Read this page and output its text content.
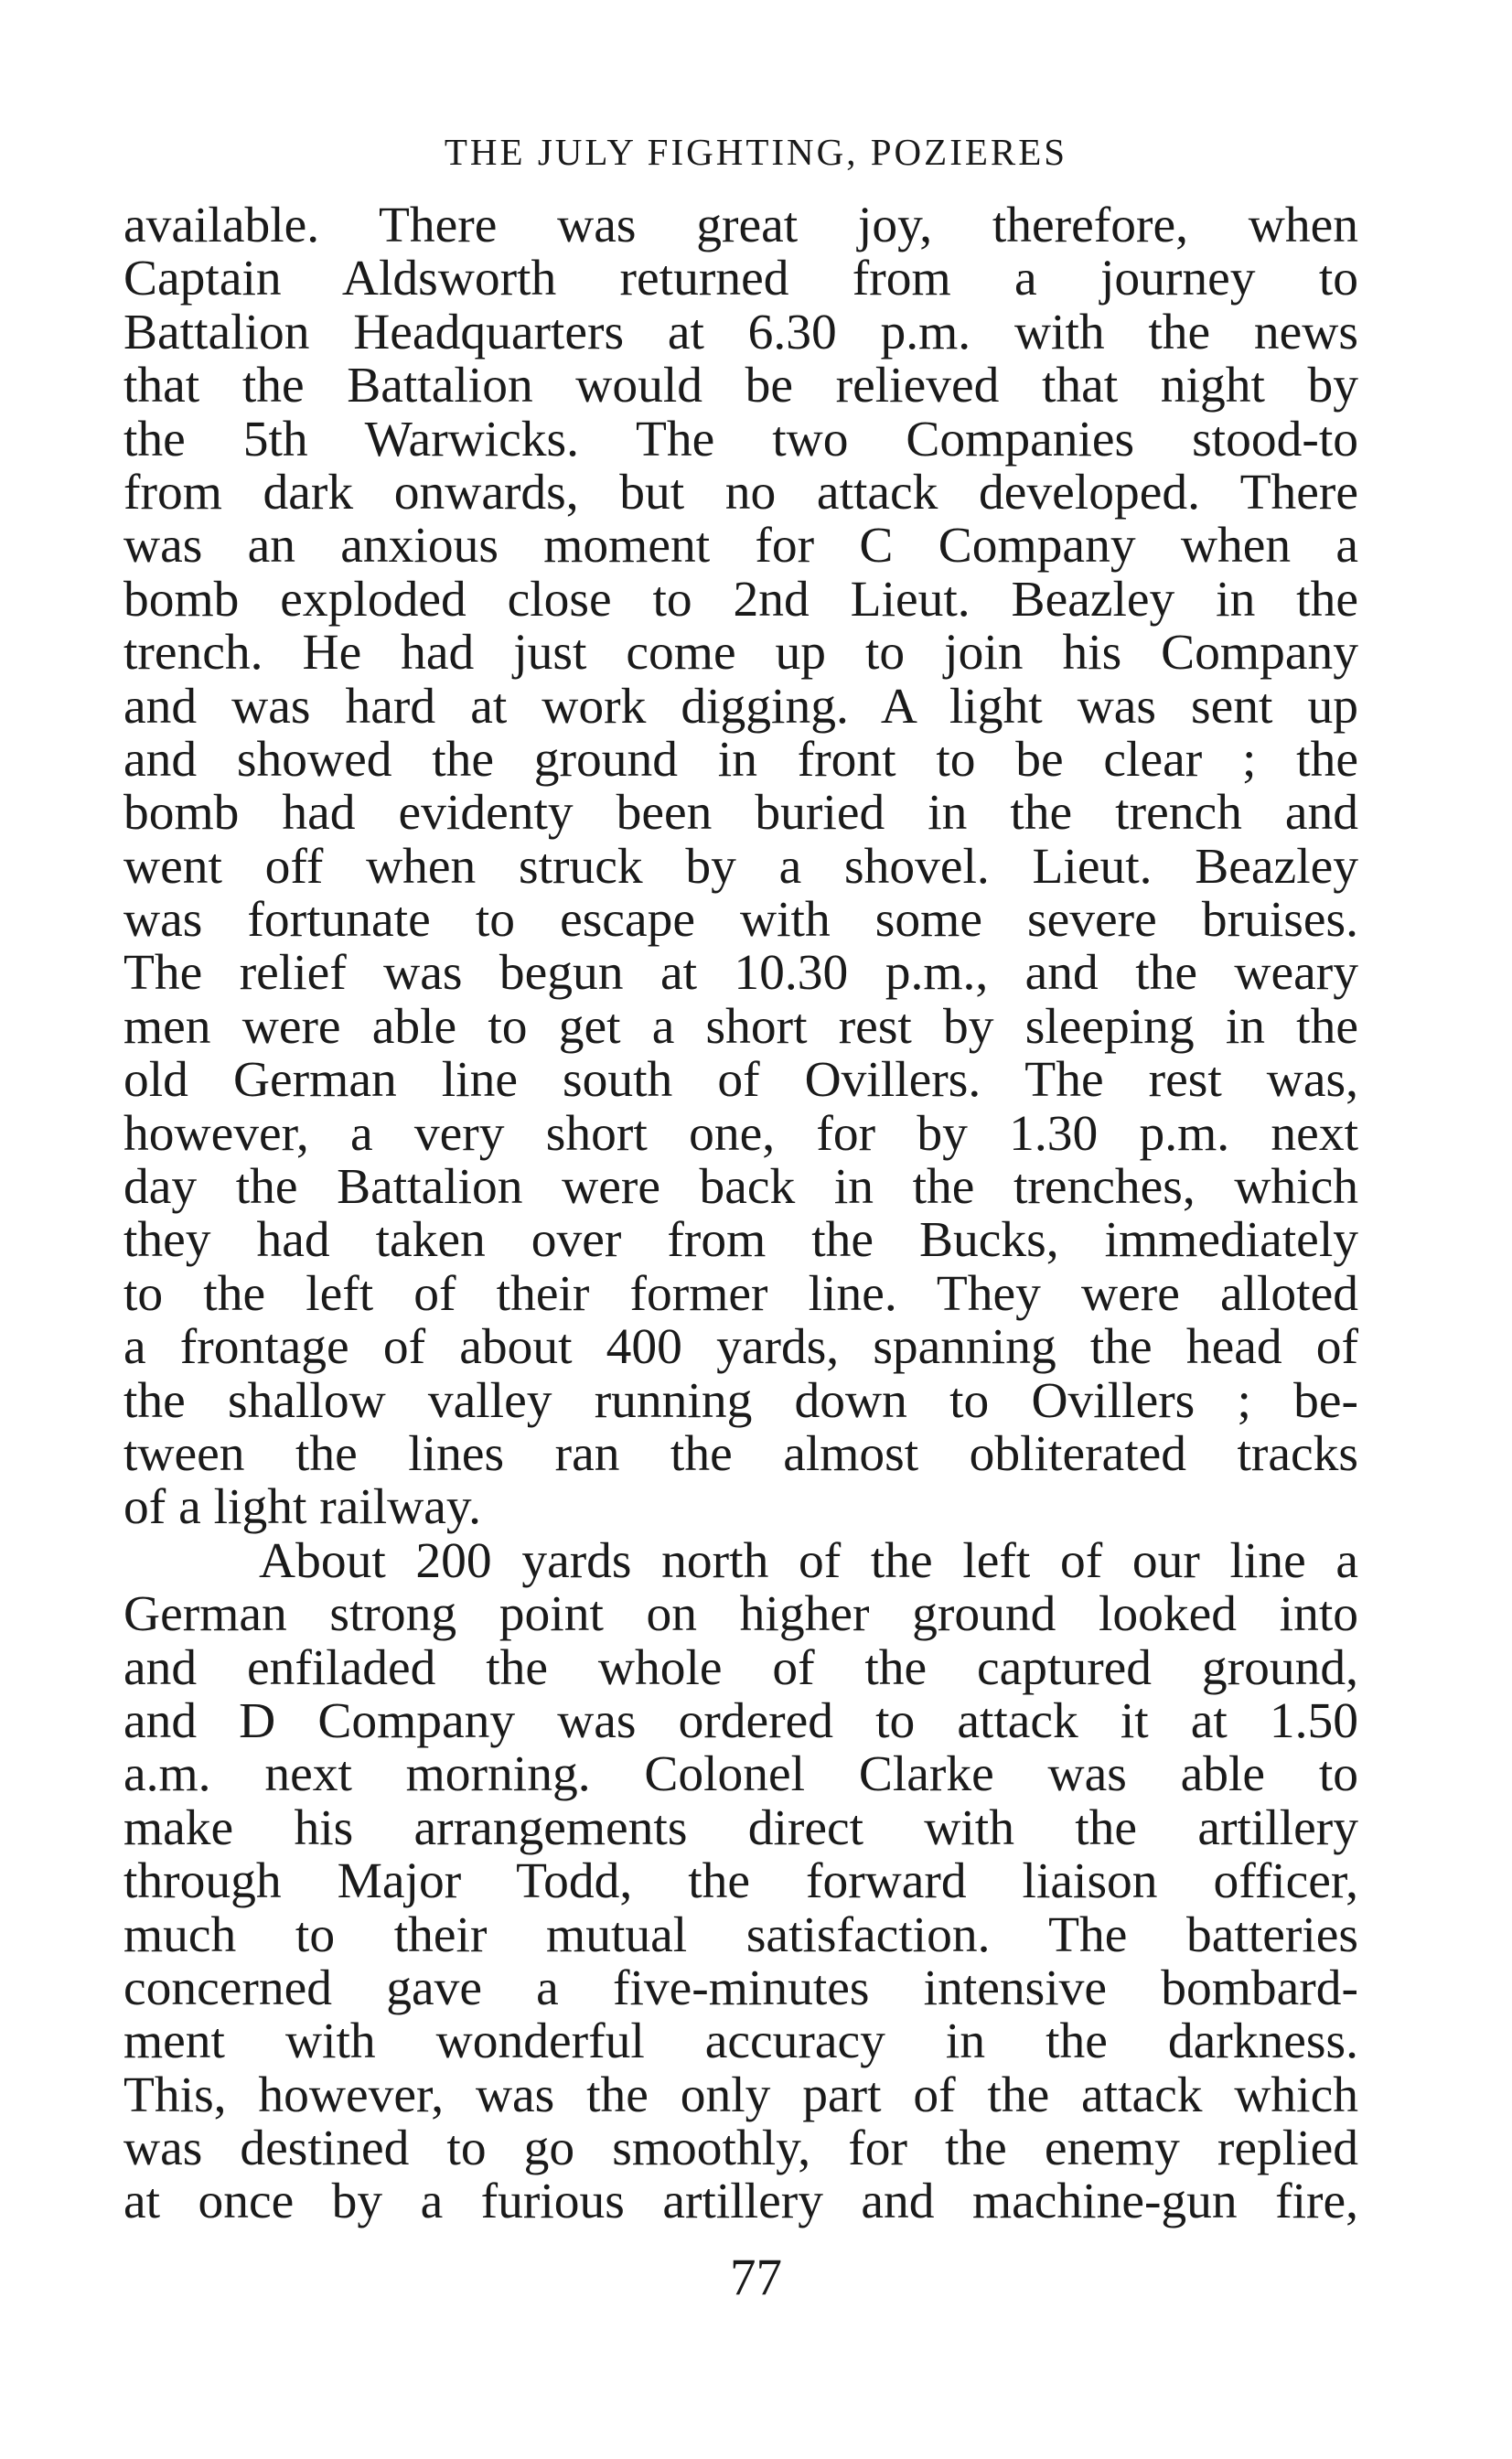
THE JULY FIGHTING, POZIERES
available. There was great joy, therefore, when
Captain Aldsworth returned from a journey to
Battalion Headquarters at 6.30 p.m. with the news
that the Battalion would be relieved that night by
the 5th Warwicks. The two Companies stood-to
from dark onwards, but no attack developed. There
was an anxious moment for C Company when a
bomb exploded close to 2nd Lieut. Beazley in the
trench. He had just come up to join his Company
and was hard at work digging. A light was sent up
and showed the ground in front to be clear ; the
bomb had evidenty been buried in the trench and
went off when struck by a shovel. Lieut. Beazley
was fortunate to escape with some severe bruises.
The relief was begun at 10.30 p.m., and the weary
men were able to get a short rest by sleeping in the
old German line south of Ovillers. The rest was,
however, a very short one, for by 1.30 p.m. next
day the Battalion were back in the trenches, which
they had taken over from the Bucks, immediately
to the left of their former line. They were alloted
a frontage of about 400 yards, spanning the head of
the shallow valley running down to Ovillers ; be-
tween the lines ran the almost obliterated tracks
of a light railway.
About 200 yards north of the left of our line a
German strong point on higher ground looked into
and enfiladed the whole of the captured ground,
and D Company was ordered to attack it at 1.50
a.m. next morning. Colonel Clarke was able to
make his arrangements direct with the artillery
through Major Todd, the forward liaison officer,
much to their mutual satisfaction. The batteries
concerned gave a five-minutes intensive bombard-
ment with wonderful accuracy in the darkness.
This, however, was the only part of the attack which
was destined to go smoothly, for the enemy replied
at once by a furious artillery and machine-gun fire,
77
